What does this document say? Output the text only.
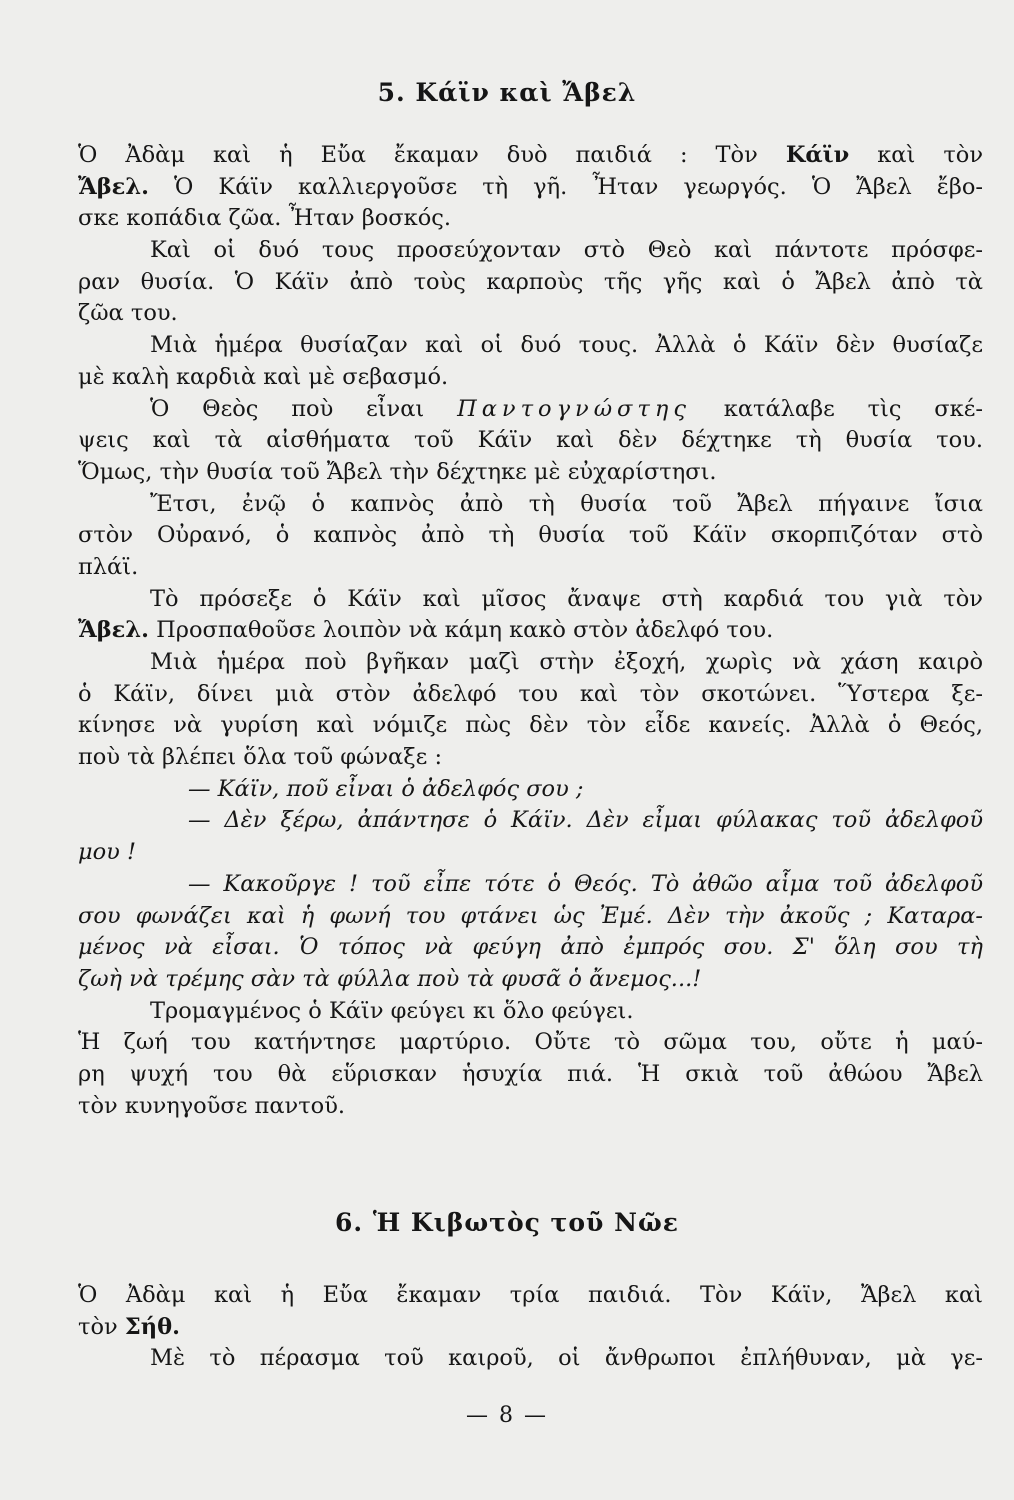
5. Κάϊν καὶ Ἄβελ
Ὁ Ἀδὰμ καὶ ἡ Εὔα ἔκαμαν δυὸ παιδιά : Τὸν Κάϊν καὶ τὸν
Ἄβελ. Ὁ Κάϊν καλλιεργοῦσε τὴ γῆ. Ἦταν γεωργός. Ὁ Ἄβελ ἔβο-
σκε κοπάδια ζῶα. Ἦταν βοσκός.
Καὶ οἱ δυό τους προσεύχονταν στὸ Θεὸ καὶ πάντοτε πρόσφε-
ραν θυσία. Ὁ Κάϊν ἀπὸ τοὺς καρποὺς τῆς γῆς καὶ ὁ Ἄβελ ἀπὸ τὰ
ζῶα του.
Μιὰ ἡμέρα θυσίαζαν καὶ οἱ δυό τους. Ἀλλὰ ὁ Κάϊν δὲν θυσίαζε
μὲ καλὴ καρδιὰ καὶ μὲ σεβασμό.
Ὁ Θεὸς ποὺ εἶναι Παντογνώστης κατάλαβε τὶς σκέ-
ψεις καὶ τὰ αἰσθήματα τοῦ Κάϊν καὶ δὲν δέχτηκε τὴ θυσία του.
Ὅμως, τὴν θυσία τοῦ Ἄβελ τὴν δέχτηκε μὲ εὐχαρίστησι.
Ἔτσι, ἐνῷ ὁ καπνὸς ἀπὸ τὴ θυσία τοῦ Ἄβελ πήγαινε ἴσια
στὸν Οὐρανό, ὁ καπνὸς ἀπὸ τὴ θυσία τοῦ Κάϊν σκορπιζόταν στὸ
πλάϊ.
Τὸ πρόσεξε ὁ Κάϊν καὶ μῖσος ἄναψε στὴ καρδιά του γιὰ τὸν
Ἄβελ. Προσπαθοῦσε λοιπὸν νὰ κάμη κακὸ στὸν ἀδελφό του.
Μιὰ ἡμέρα ποὺ βγῆκαν μαζὶ στὴν ἐξοχή, χωρὶς νὰ χάση καιρὸ
ὁ Κάϊν, δίνει μιὰ στὸν ἀδελφό του καὶ τὸν σκοτώνει. Ὕστερα ξε-
κίνησε νὰ γυρίση καὶ νόμιζε πὼς δὲν τὸν εἶδε κανείς. Ἀλλὰ ὁ Θεός,
ποὺ τὰ βλέπει ὅλα τοῦ φώναξε :
— Κάϊν, ποῦ εἶναι ὁ ἀδελφός σου ;
— Δὲν ξέρω, ἀπάντησε ὁ Κάϊν. Δὲν εἶμαι φύλακας τοῦ ἀδελφοῦ
μου !
— Κακοῦργε ! τοῦ εἶπε τότε ὁ Θεός. Τὸ ἀθῶο αἷμα τοῦ ἀδελφοῦ
σου φωνάζει καὶ ἡ φωνή του φτάνει ὡς Ἐμέ. Δὲν τὴν ἀκοῦς ; Καταρα-
μένος νὰ εἶσαι. Ὁ τόπος νὰ φεύγη ἀπὸ ἐμπρός σου. Σ' ὅλη σου τὴ
ζωὴ νὰ τρέμης σὰν τὰ φύλλα ποὺ τὰ φυσᾶ ὁ ἄνεμος...!
Τρομαγμένος ὁ Κάϊν φεύγει κι ὅλο φεύγει.
Ἡ ζωή του κατήντησε μαρτύριο. Οὔτε τὸ σῶμα του, οὔτε ἡ μαύ-
ρη ψυχή του θὰ εὕρισκαν ἡσυχία πιά. Ἡ σκιὰ τοῦ ἀθώου Ἄβελ
τὸν κυνηγοῦσε παντοῦ.
6. Ἡ Κιβωτὸς τοῦ Νῶε
Ὁ Ἀδὰμ καὶ ἡ Εὔα ἔκαμαν τρία παιδιά. Τὸν Κάϊν, Ἄβελ καὶ
τὸν Σήθ.
Μὲ τὸ πέρασμα τοῦ καιροῦ, οἱ ἄνθρωποι ἐπλήθυναν, μὰ γε-
— 8 —
